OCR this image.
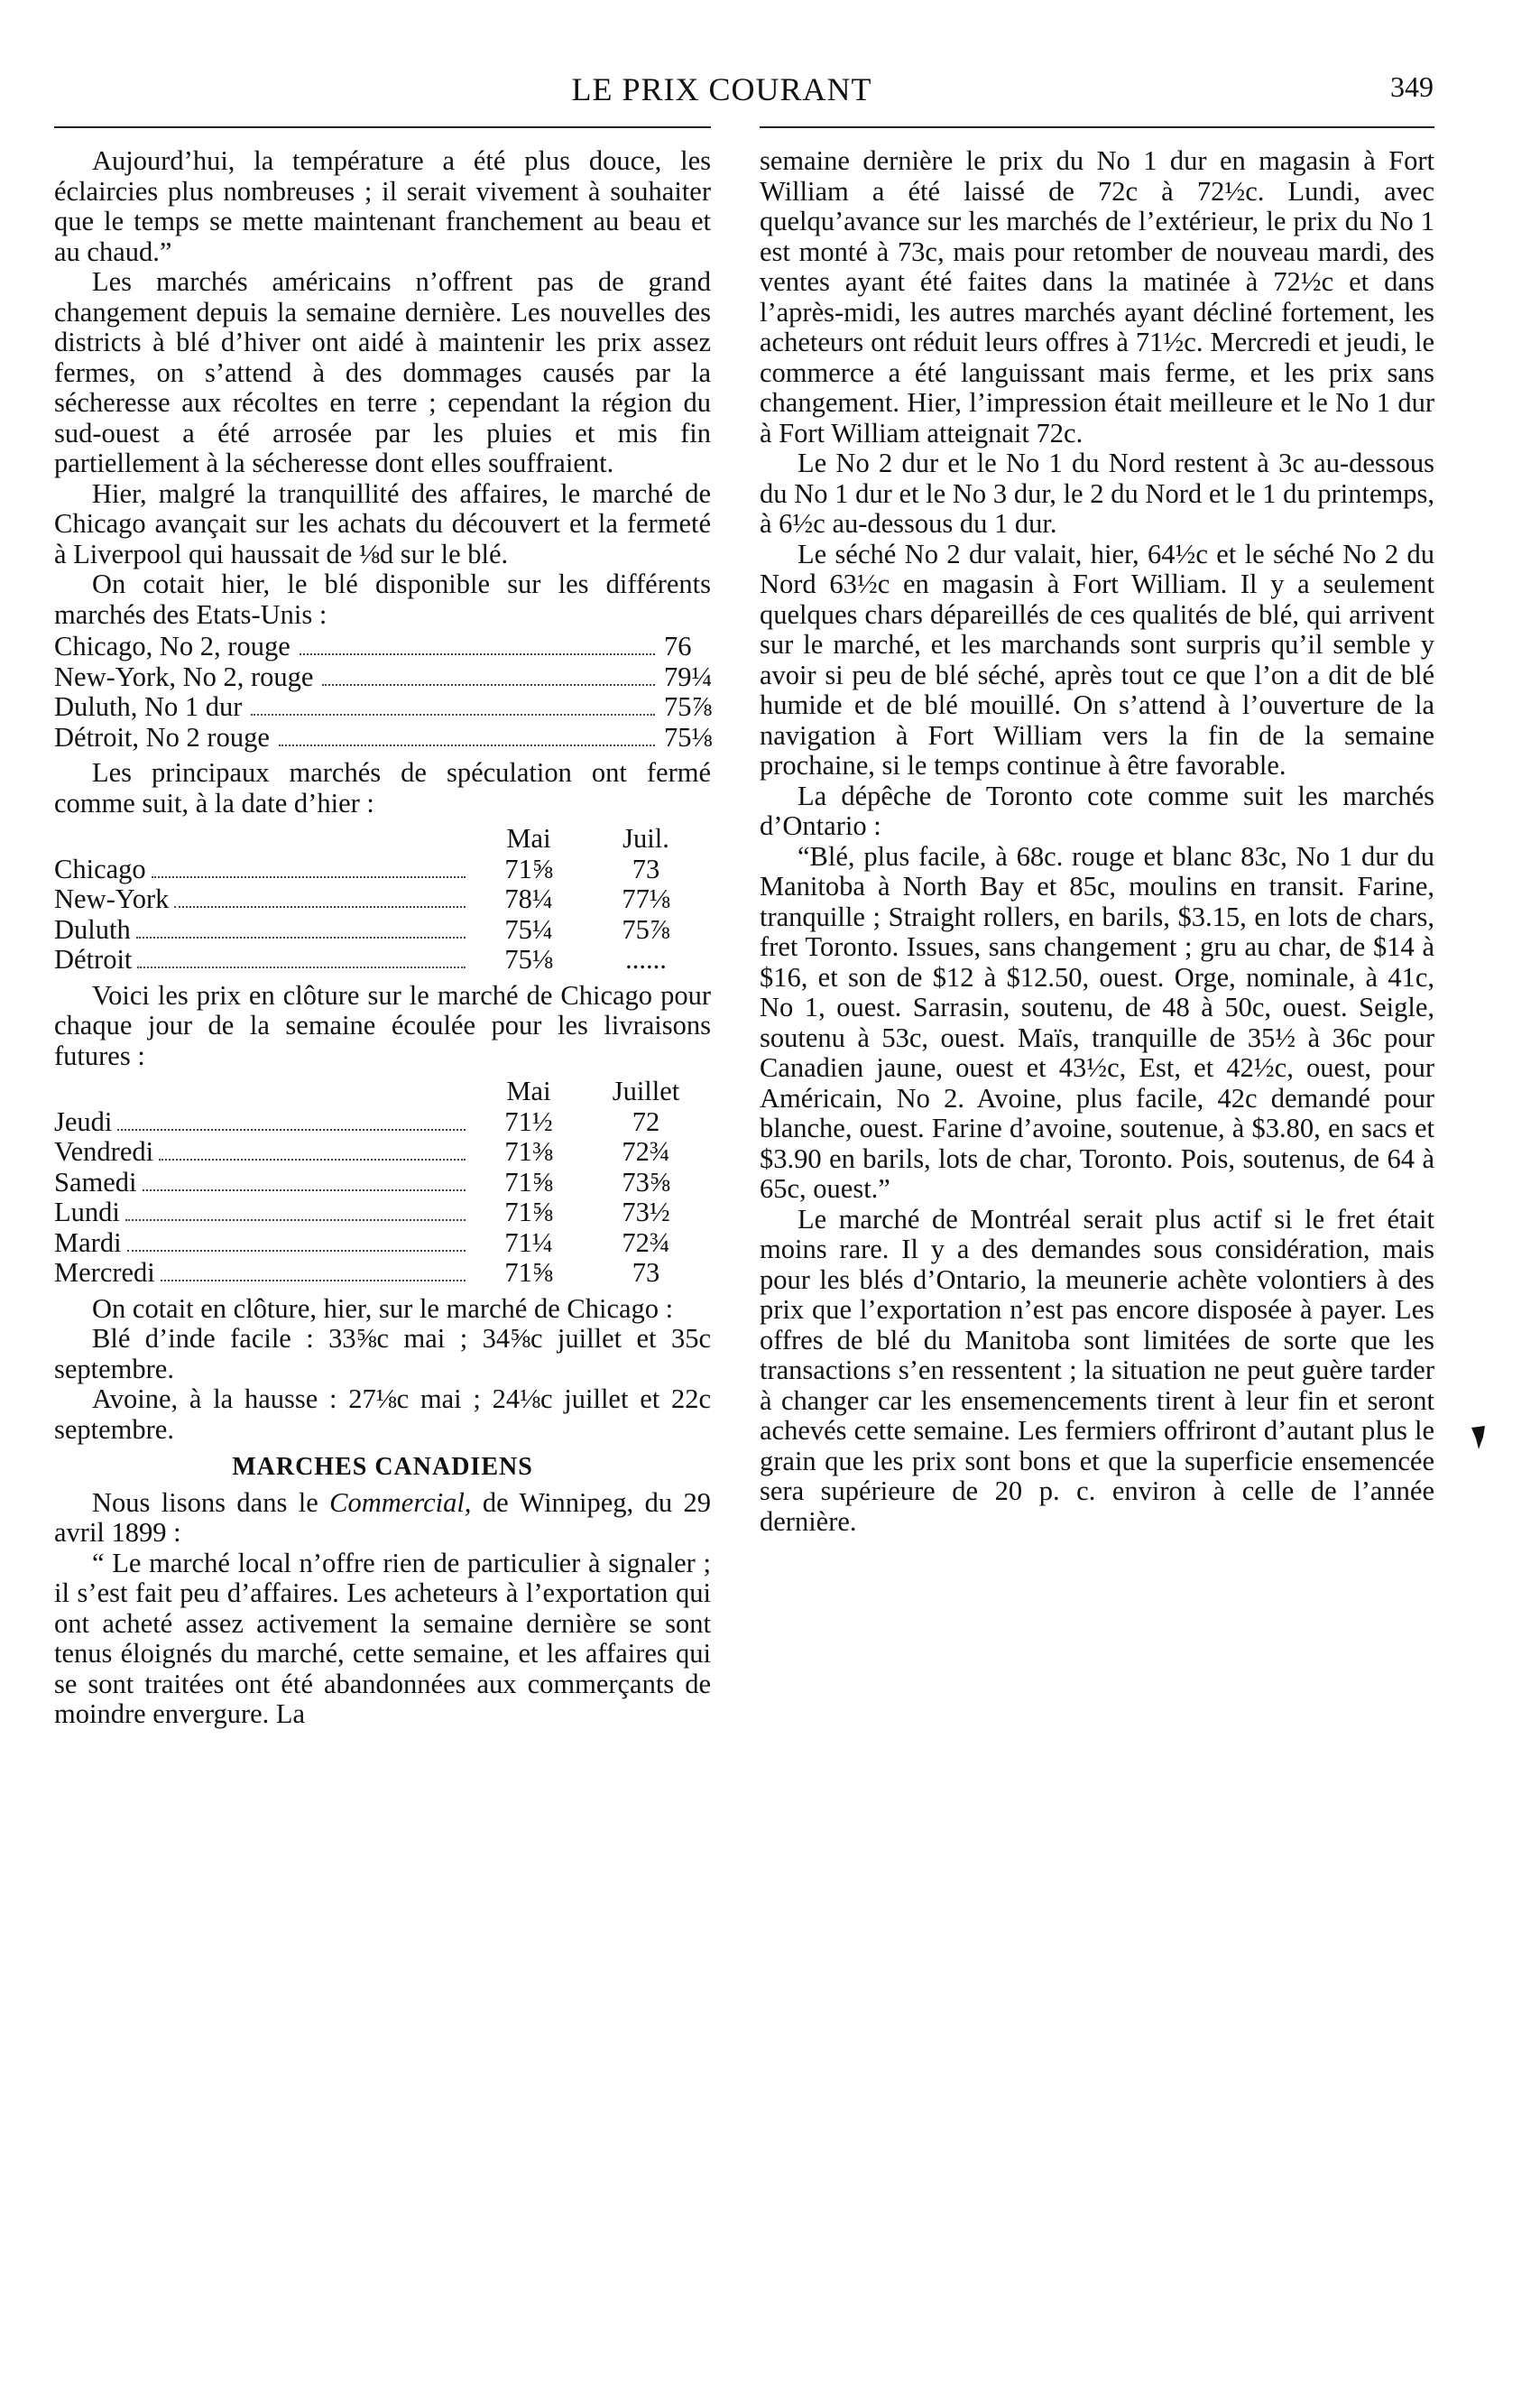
LE PRIX COURANT	349

Aujourd’hui, la température a été plus douce, les éclaircies plus nombreuses ; il serait vivement à souhaiter que le temps se mette maintenant franchement au beau et au chaud.”

Les marchés américains n’offrent pas de grand changement depuis la semaine dernière. Les nouvelles des districts à blé d’hiver ont aidé à maintenir les prix assez fermes, on s’attend à des dommages causés par la sécheresse aux récoltes en terre ; cependant la région du sud-ouest a été arrosée par les pluies et mis fin partiellement à la sécheresse dont elles souffraient.

Hier, malgré la tranquillité des affaires, le marché de Chicago avançait sur les achats du découvert et la fermeté à Liverpool qui haussait de ⅛d sur le blé.

On cotait hier, le blé disponible sur les différents marchés des Etats-Unis :

Chicago, No 2, rouge	76
New-York, No 2, rouge	79¼
Duluth, No 1 dur	75⅞
Détroit, No 2 rouge	75⅛

Les principaux marchés de spéculation ont fermé comme suit, à la date d’hier :

Mai	Juil.
Chicago	71⅝	73
New-York	78¼	77⅛
Duluth	75¼	75⅞
Détroit	75⅛	......

Voici les prix en clôture sur le marché de Chicago pour chaque jour de la semaine écoulée pour les livraisons futures :

Mai	Juillet
Jeudi	71½	72
Vendredi	71⅜	72¾
Samedi	71⅝	73⅝
Lundi	71⅝	73½
Mardi	71¼	72¾
Mercredi	71⅝	73

On cotait en clôture, hier, sur le marché de Chicago :

Blé d’inde facile : 33⅝c mai ; 34⅝c juillet et 35c septembre.

Avoine, à la hausse : 27⅛c mai ; 24⅛c juillet et 22c septembre.

MARCHES CANADIENS

Nous lisons dans le Commercial, de Winnipeg, du 29 avril 1899 :

“ Le marché local n’offre rien de particulier à signaler ; il s’est fait peu d’affaires. Les acheteurs à l’exportation qui ont acheté assez activement la semaine dernière se sont tenus éloignés du marché, cette semaine, et les affaires qui se sont traitées ont été abandonnées aux commerçants de moindre envergure. La

semaine dernière le prix du No 1 dur en magasin à Fort William a été laissé de 72c à 72½c. Lundi, avec quelqu’avance sur les marchés de l’extérieur, le prix du No 1 est monté à 73c, mais pour retomber de nouveau mardi, des ventes ayant été faites dans la matinée à 72½c et dans l’après-midi, les autres marchés ayant décliné fortement, les acheteurs ont réduit leurs offres à 71½c. Mercredi et jeudi, le commerce a été languissant mais ferme, et les prix sans changement. Hier, l’impression était meilleure et le No 1 dur à Fort William atteignait 72c.

Le No 2 dur et le No 1 du Nord restent à 3c au-dessous du No 1 dur et le No 3 dur, le 2 du Nord et le 1 du printemps, à 6½c au-dessous du 1 dur.

Le séché No 2 dur valait, hier, 64½c et le séché No 2 du Nord 63½c en magasin à Fort William. Il y a seulement quelques chars dépareillés de ces qualités de blé, qui arrivent sur le marché, et les marchands sont surpris qu’il semble y avoir si peu de blé séché, après tout ce que l’on a dit de blé humide et de blé mouillé. On s’attend à l’ouverture de la navigation à Fort William vers la fin de la semaine prochaine, si le temps continue à être favorable.

La dépêche de Toronto cote comme suit les marchés d’Ontario :

“Blé, plus facile, à 68c. rouge et blanc 83c, No 1 dur du Manitoba à North Bay et 85c, moulins en transit. Farine, tranquille ; Straight rollers, en barils, $3.15, en lots de chars, fret Toronto. Issues, sans changement ; gru au char, de $14 à $16, et son de $12 à $12.50, ouest. Orge, nominale, à 41c, No 1, ouest. Sarrasin, soutenu, de 48 à 50c, ouest. Seigle, soutenu à 53c, ouest. Maïs, tranquille de 35½ à 36c pour Canadien jaune, ouest et 43½c, Est, et 42½c, ouest, pour Américain, No 2. Avoine, plus facile, 42c demandé pour blanche, ouest. Farine d’avoine, soutenue, à $3.80, en sacs et $3.90 en barils, lots de char, Toronto. Pois, soutenus, de 64 à 65c, ouest.”

Le marché de Montréal serait plus actif si le fret était moins rare. Il y a des demandes sous considération, mais pour les blés d’Ontario, la meunerie achète volontiers à des prix que l’exportation n’est pas encore disposée à payer. Les offres de blé du Manitoba sont limitées de sorte que les transactions s’en ressentent ; la situation ne peut guère tarder à changer car les ensemencements tirent à leur fin et seront achevés cette semaine. Les fermiers offriront d’autant plus le grain que les prix sont bons et que la superficie ensemencée sera supérieure de 20 p. c. environ à celle de l’année dernière.
